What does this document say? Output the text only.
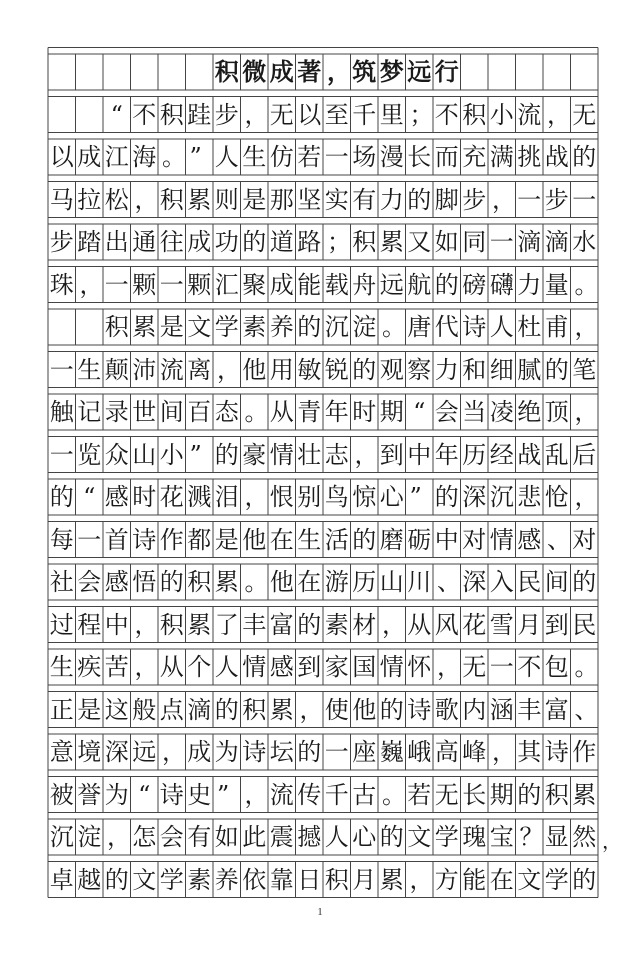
积 微 成 著 ， 筑 梦 远 行
“ 不 积 跬 步 ， 无 以 至 千 里 ； 不 积 小 流 ， 无
以 成 江 海 。 ” 人 生 仿 若 一 场 漫 长 而 充 满 挑 战 的
马 拉 松 ， 积 累 则 是 那 坚 实 有 力 的 脚 步 ， 一 步 一
步 踏 出 通 往 成 功 的 道 路 ； 积 累 又 如 同 一 滴 滴 水
珠 ， 一 颗 一 颗 汇 聚 成 能 载 舟 远 航 的 磅 礴 力 量 。
积 累 是 文 学 素 养 的 沉 淀 。 唐 代 诗 人 杜 甫 ，
一 生 颠 沛 流 离 ， 他 用 敏 锐 的 观 察 力 和 细 腻 的 笔
触 记 录 世 间 百 态 。 从 青 年 时 期 “ 会 当 凌 绝 顶 ，
一 览 众 山 小 ” 的 豪 情 壮 志 ， 到 中 年 历 经 战 乱 后
的 “ 感 时 花 溅 泪 ， 恨 别 鸟 惊 心 ” 的 深 沉 悲 怆 ，
每 一 首 诗 作 都 是 他 在 生 活 的 磨 砺 中 对 情 感 、 对
社 会 感 悟 的 积 累 。 他 在 游 历 山 川 、 深 入 民 间 的
过 程 中 ， 积 累 了 丰 富 的 素 材 ， 从 风 花 雪 月 到 民
生 疾 苦 ， 从 个 人 情 感 到 家 国 情 怀 ， 无 一 不 包 。
正 是 这 般 点 滴 的 积 累 ， 使 他 的 诗 歌 内 涵 丰 富 、
意 境 深 远 ， 成 为 诗 坛 的 一 座 巍 峨 高 峰 ， 其 诗 作
被 誉 为 “ 诗 史 ” ， 流 传 千 古 。 若 无 长 期 的 积 累
沉 淀 ， 怎 会 有 如 此 震 撼 人 心 的 文 学 瑰 宝 ？ 显 然
卓 越 的 文 学 素 养 依 靠 日 积 月 累 ， 方 能 在 文 学 的
，
1
